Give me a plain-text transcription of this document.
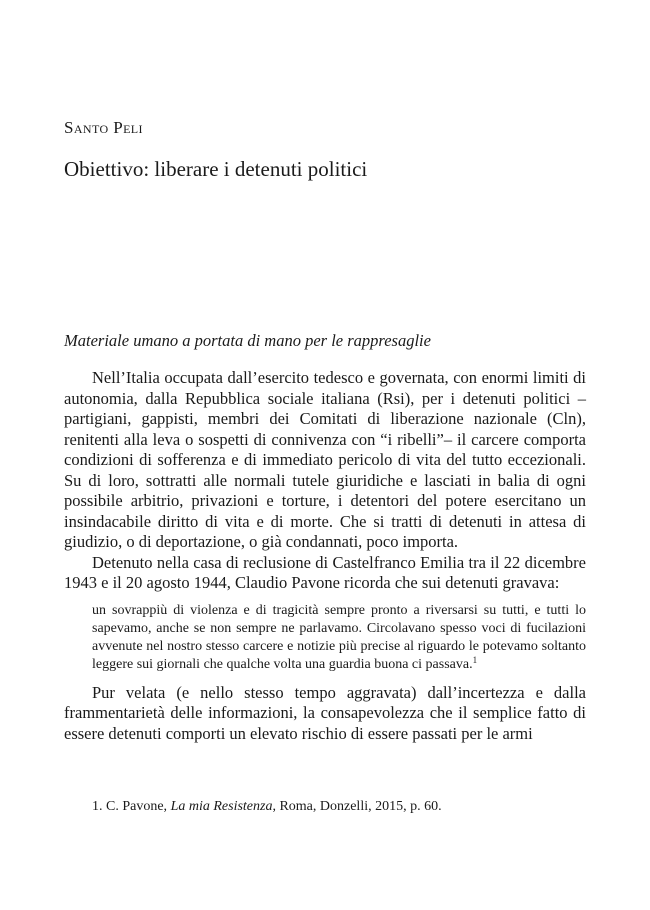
Santo Peli
Obiettivo: liberare i detenuti politici
Materiale umano a portata di mano per le rappresaglie

Nell’Italia occupata dall’esercito tedesco e governata, con enormi limiti di autonomia, dalla Repubblica sociale italiana (Rsi), per i detenuti politici – partigiani, gappisti, membri dei Comitati di liberazione nazionale (Cln), renitenti alla leva o sospetti di connivenza con “i ribelli”– il carcere comporta condizioni di sofferenza e di immediato pericolo di vita del tutto eccezionali. Su di loro, sottratti alle normali tutele giuridiche e lasciati in balia di ogni possibile arbitrio, privazioni e torture, i detentori del potere esercitano un insindacabile diritto di vita e di morte. Che si tratti di detenuti in attesa di giudizio, o di deportazione, o già condannati, poco importa.

Detenuto nella casa di reclusione di Castelfranco Emilia tra il 22 dicembre 1943 e il 20 agosto 1944, Claudio Pavone ricorda che sui detenuti gravava:

un sovrappiù di violenza e di tragicità sempre pronto a riversarsi su tutti, e tutti lo sapevamo, anche se non sempre ne parlavamo. Circolavano spesso voci di fucilazioni avvenute nel nostro stesso carcere e notizie più precise al riguardo le potevamo soltanto leggere sui giornali che qualche volta una guardia buona ci passava.$^1$

Pur velata (e nello stesso tempo aggravata) dall’incertezza e dalla frammentarietà delle informazioni, la consapevolezza che il semplice fatto di essere detenuti comporti un elevato rischio di essere passati per le armi

1. C. Pavone, La mia Resistenza, Roma, Donzelli, 2015, p. 60.
